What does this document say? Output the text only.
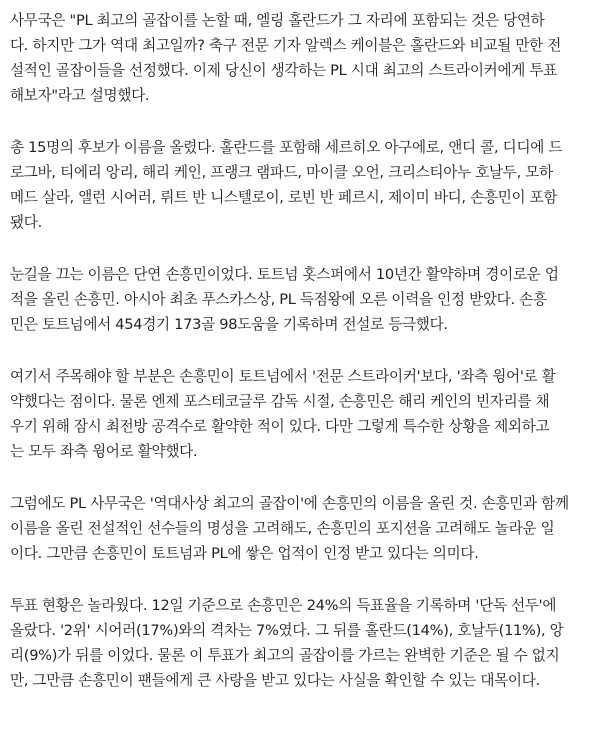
사무국은 "PL 최고의 골잡이를 논할 때, 엘링 홀란드가 그 자리에 포함되는 것은 당연하
다. 하지만 그가 역대 최고일까? 축구 전문 기자 알렉스 케이블은 홀란드와 비교될 만한 전
설적인 골잡이들을 선정했다. 이제 당신이 생각하는 PL 시대 최고의 스트라이커에게 투표
해보자"라고 설명했다.

총 15명의 후보가 이름을 올렸다. 홀란드를 포함해 세르히오 아구에로, 앤디 콜, 디디에 드
로그바, 티에리 앙리, 해리 케인, 프랭크 램파드, 마이클 오언, 크리스티아누 호날두, 모하
메드 살라, 앨런 시어러, 뤼트 반 니스텔로이, 로빈 반 페르시, 제이미 바디, 손흥민이 포함
됐다.

눈길을 끄는 이름은 단연 손흥민이었다. 토트넘 홋스퍼에서 10년간 활약하며 경이로운 업
적을 올린 손흥민. 아시아 최초 푸스카스상, PL 득점왕에 오른 이력을 인정 받았다. 손흥
민은 토트넘에서 454경기 173골 98도움을 기록하며 전설로 등극했다.

여기서 주목해야 할 부분은 손흥민이 토트넘에서 '전문 스트라이커'보다, '좌측 윙어'로 활
약했다는 점이다. 물론 엔제 포스테코글루 감독 시절, 손흥민은 해리 케인의 빈자리를 채
우기 위해 잠시 최전방 공격수로 활약한 적이 있다. 다만 그렇게 특수한 상황을 제외하고
는 모두 좌측 윙어로 활약했다.

그럼에도 PL 사무국은 '역대사상 최고의 골잡이'에 손흥민의 이름을 올린 것. 손흥민과 함께
이름을 올린 전설적인 선수들의 명성을 고려해도, 손흥민의 포지션을 고려해도 놀라운 일
이다. 그만큼 손흥민이 토트넘과 PL에 쌓은 업적이 인정 받고 있다는 의미다.

투표 현황은 놀라웠다. 12일 기준으로 손흥민은 24%의 득표율을 기록하며 '단독 선두'에
올랐다. '2위' 시어러(17%)와의 격차는 7%였다. 그 뒤를 홀란드(14%), 호날두(11%), 앙
리(9%)가 뒤를 이었다. 물론 이 투표가 최고의 골잡이를 가르는 완벽한 기준은 될 수 없지
만, 그만큼 손흥민이 팬들에게 큰 사랑을 받고 있다는 사실을 확인할 수 있는 대목이다.
